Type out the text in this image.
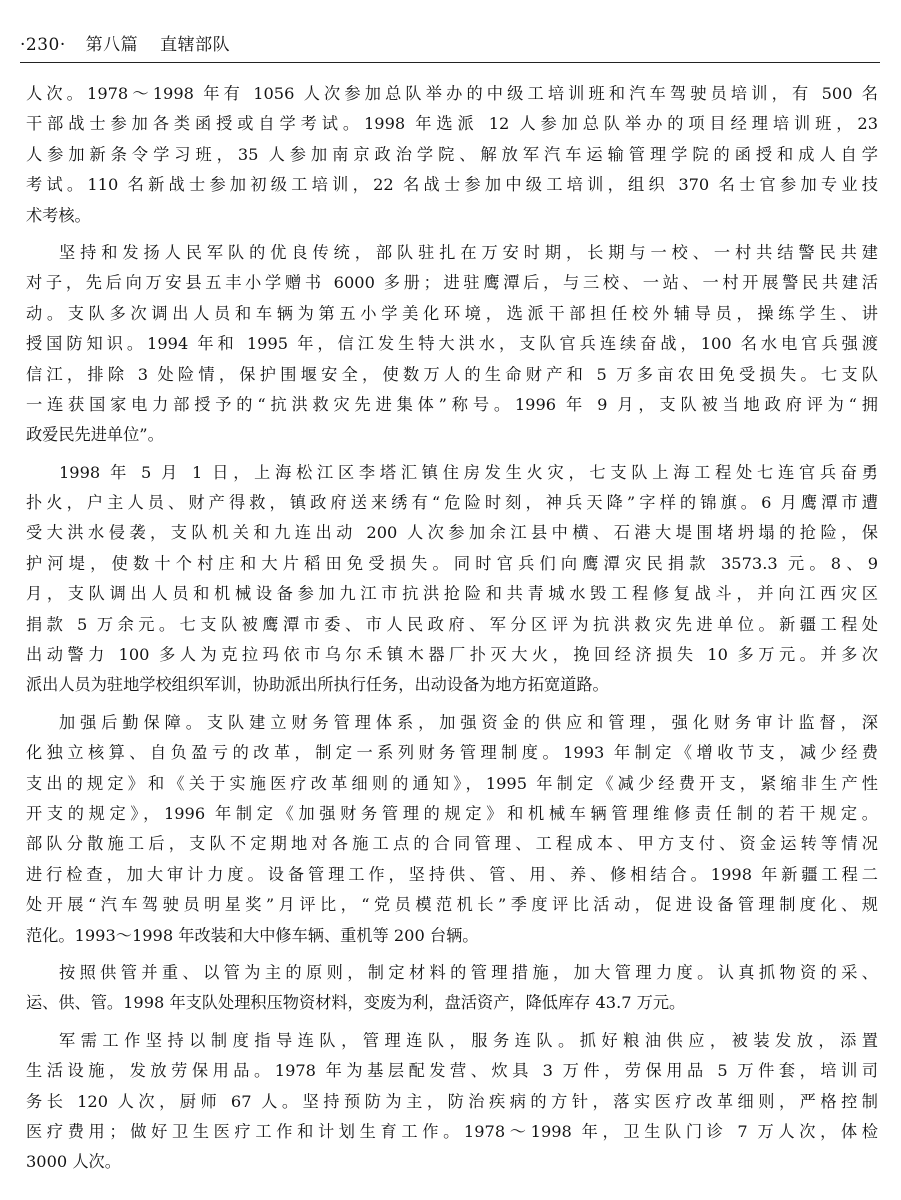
·230· 第八篇 直辖部队
人次。1978～1998 年有 1056 人次参加总队举办的中级工培训班和汽车驾驶员培训，有 500 名
干部战士参加各类函授或自学考试。1998 年选派 12 人参加总队举办的项目经理培训班，23
人参加新条令学习班，35 人参加南京政治学院、解放军汽车运输管理学院的函授和成人自学
考试。110 名新战士参加初级工培训，22 名战士参加中级工培训，组织 370 名士官参加专业技
术考核。
坚持和发扬人民军队的优良传统，部队驻扎在万安时期，长期与一校、一村共结警民共建
对子，先后向万安县五丰小学赠书 6000 多册；进驻鹰潭后，与三校、一站、一村开展警民共建活
动。支队多次调出人员和车辆为第五小学美化环境，选派干部担任校外辅导员，操练学生、讲
授国防知识。1994 年和 1995 年，信江发生特大洪水，支队官兵连续奋战，100 名水电官兵强渡
信江，排除 3 处险情，保护围堰安全，使数万人的生命财产和 5 万多亩农田免受损失。七支队
一连获国家电力部授予的“抗洪救灾先进集体”称号。1996 年 9 月，支队被当地政府评为“拥
政爱民先进单位”。
1998 年 5 月 1 日，上海松江区李塔汇镇住房发生火灾，七支队上海工程处七连官兵奋勇
扑火，户主人员、财产得救，镇政府送来绣有“危险时刻，神兵天降”字样的锦旗。6 月鹰潭市遭
受大洪水侵袭，支队机关和九连出动 200 人次参加余江县中横、石港大堤围堵坍塌的抢险，保
护河堤，使数十个村庄和大片稻田免受损失。同时官兵们向鹰潭灾民捐款 3573.3 元。8、9
月，支队调出人员和机械设备参加九江市抗洪抢险和共青城水毁工程修复战斗，并向江西灾区
捐款 5 万余元。七支队被鹰潭市委、市人民政府、军分区评为抗洪救灾先进单位。新疆工程处
出动警力 100 多人为克拉玛依市乌尔禾镇木器厂扑灭大火，挽回经济损失 10 多万元。并多次
派出人员为驻地学校组织军训，协助派出所执行任务，出动设备为地方拓宽道路。
加强后勤保障。支队建立财务管理体系，加强资金的供应和管理，强化财务审计监督，深
化独立核算、自负盈亏的改革，制定一系列财务管理制度。1993 年制定《增收节支，减少经费
支出的规定》和《关于实施医疗改革细则的通知》，1995 年制定《减少经费开支，紧缩非生产性
开支的规定》，1996 年制定《加强财务管理的规定》和机械车辆管理维修责任制的若干规定。
部队分散施工后，支队不定期地对各施工点的合同管理、工程成本、甲方支付、资金运转等情况
进行检查，加大审计力度。设备管理工作，坚持供、管、用、养、修相结合。1998 年新疆工程二
处开展“汽车驾驶员明星奖”月评比，“党员模范机长”季度评比活动，促进设备管理制度化、规
范化。1993～1998 年改装和大中修车辆、重机等 200 台辆。
按照供管并重、以管为主的原则，制定材料的管理措施，加大管理力度。认真抓物资的采、
运、供、管。1998 年支队处理积压物资材料，变废为利，盘活资产，降低库存 43.7 万元。
军需工作坚持以制度指导连队，管理连队，服务连队。抓好粮油供应，被装发放，添置
生活设施，发放劳保用品。1978 年为基层配发营、炊具 3 万件，劳保用品 5 万件套，培训司
务长 120 人次，厨师 67 人。坚持预防为主，防治疾病的方针，落实医疗改革细则，严格控制
医疗费用；做好卫生医疗工作和计划生育工作。1978～1998 年，卫生队门诊 7 万人次，体检
3000 人次。
